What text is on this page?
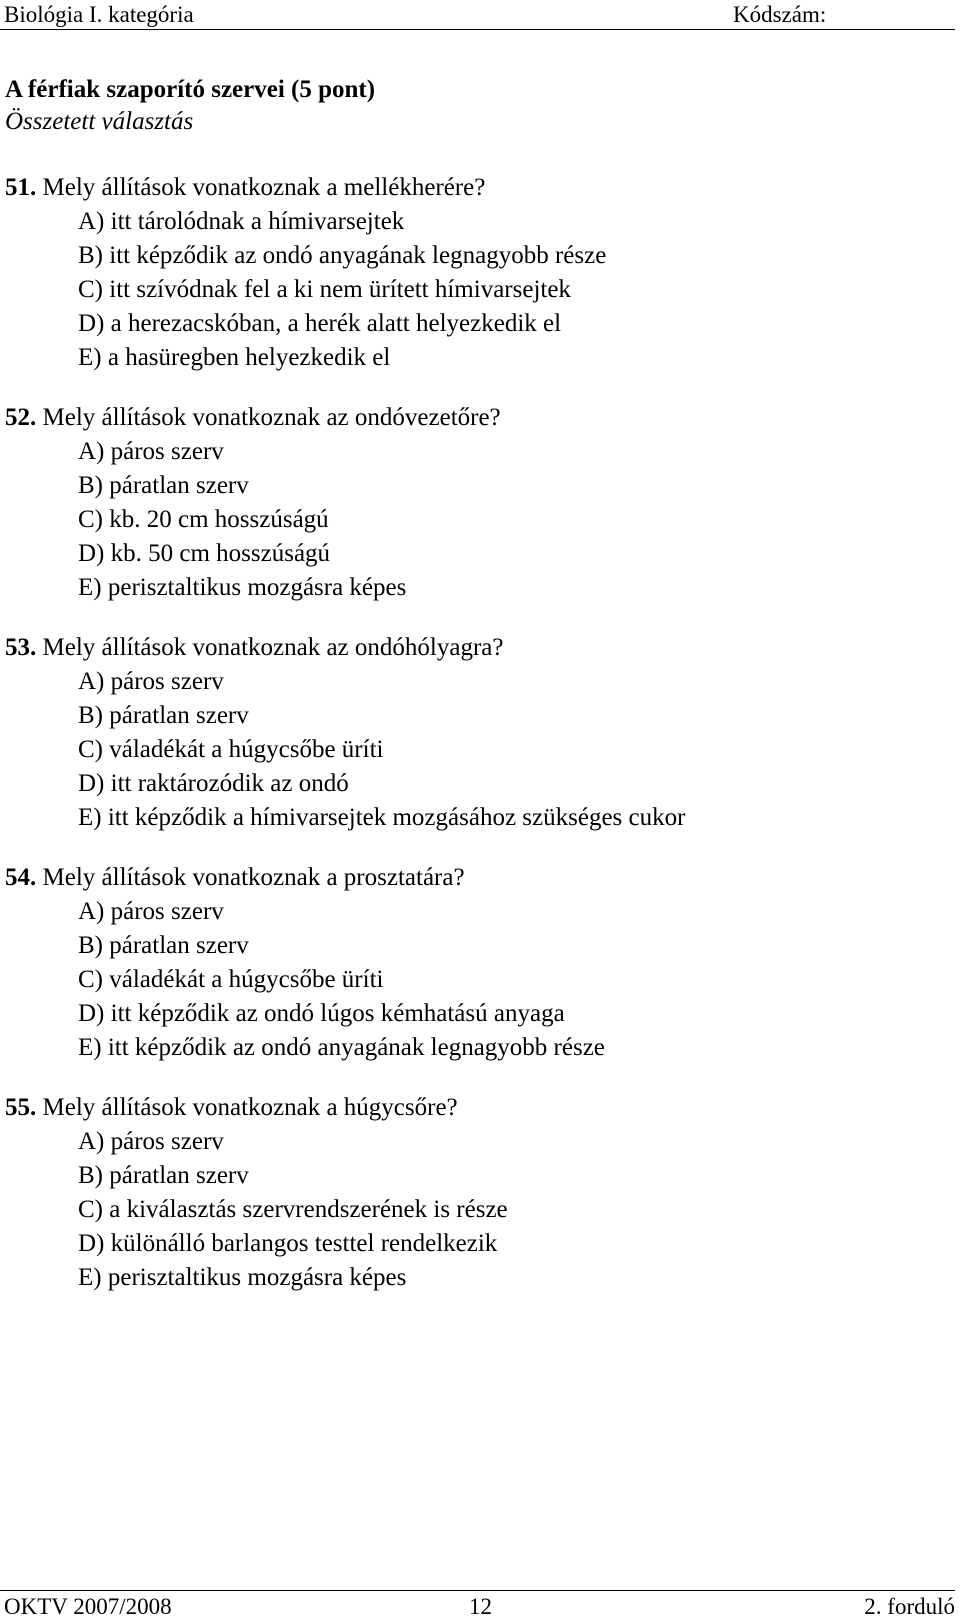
Biológia I. kategória	Kódszám:
A férfiak szaporító szervei (5 pont)
Összetett választás
51. Mely állítások vonatkoznak a mellékherére?
A) itt tárolódnak a hímivarsejtek
B) itt képződik az ondó anyagának legnagyobb része
C) itt szívódnak fel a ki nem ürített hímivarsejtek
D) a herezacskóban, a herék alatt helyezkedik el
E) a hasüregben helyezkedik el
52. Mely állítások vonatkoznak az ondóvezetőre?
A) páros szerv
B) páratlan szerv
C) kb. 20 cm hosszúságú
D) kb. 50 cm hosszúságú
E) perisztaltikus mozgásra képes
53. Mely állítások vonatkoznak az ondóhólyagra?
A) páros szerv
B) páratlan szerv
C) váladékát a húgycsőbe üríti
D) itt raktározódik az ondó
E) itt képződik a hímivarsejtek mozgásához szükséges cukor
54. Mely állítások vonatkoznak a prosztatára?
A) páros szerv
B) páratlan szerv
C) váladékát a húgycsőbe üríti
D) itt képződik az ondó lúgos kémhatású anyaga
E) itt képződik az ondó anyagának legnagyobb része
55. Mely állítások vonatkoznak a húgycsőre?
A) páros szerv
B) páratlan szerv
C) a kiválasztás szervrendszerének is része
D) különálló barlangos testtel rendelkezik
E) perisztaltikus mozgásra képes
OKTV 2007/2008	12	2. forduló
